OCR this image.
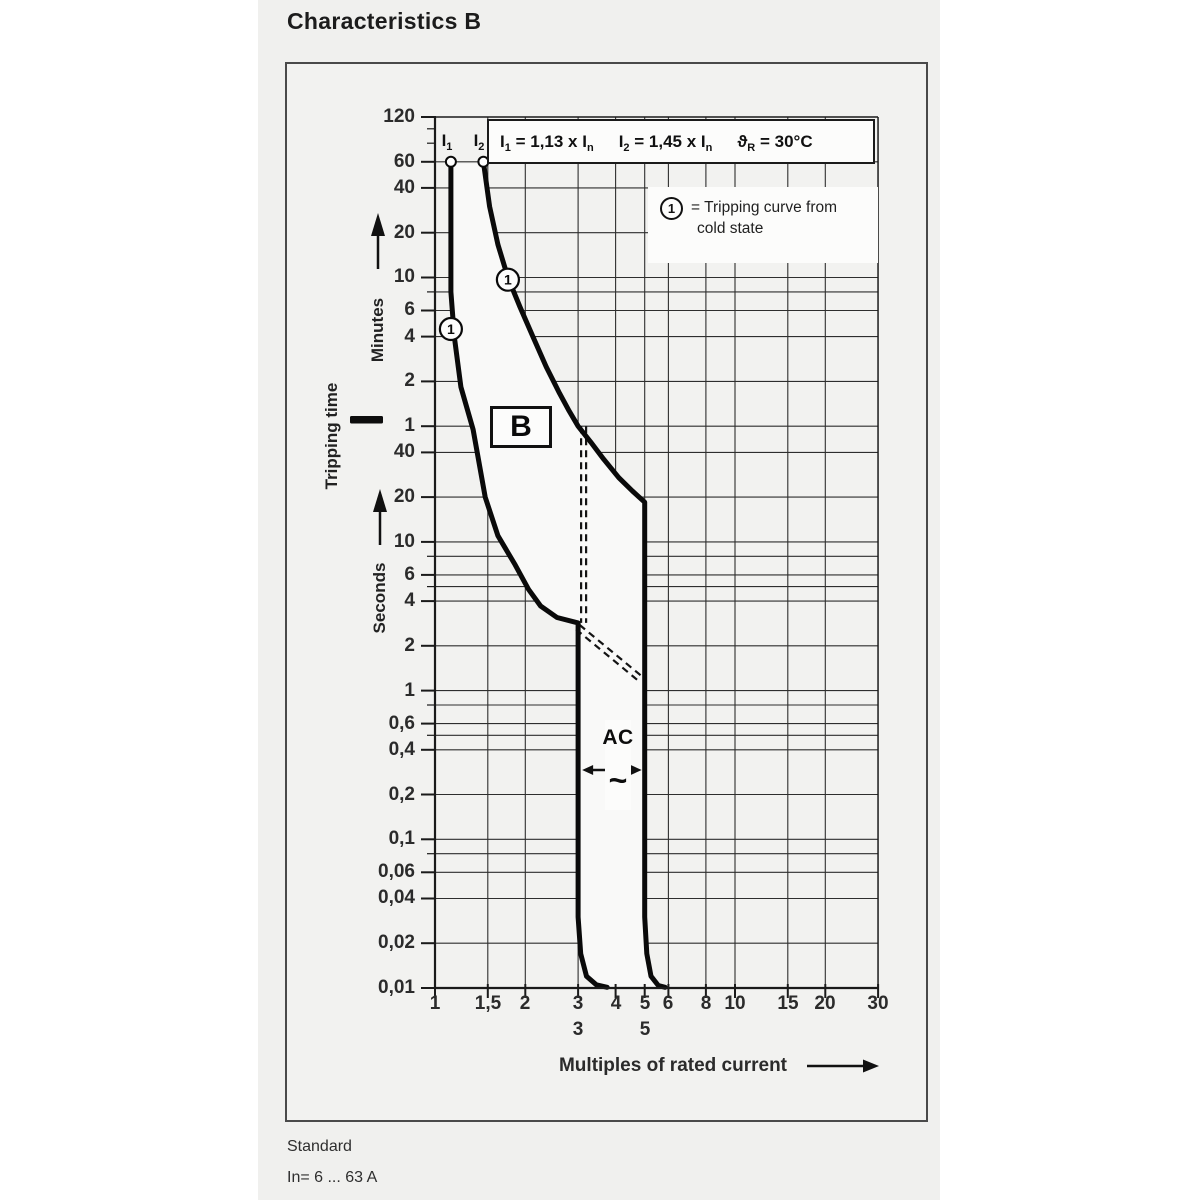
Characteristics B
1
1
120
60
40
20
10
6
4
2
1
40
20
10
6
4
2
1
0,6
0,4
0,2
0,1
0,06
0,04
0,02
0,01
1	1,5 2	3
3
4 5
5
6	8 10	15 20	30
$I_1 = 1,13$ x $I_n$ $I_2 = 1,45$ x $I_n$ $ϑ_R = 30^\circ C$
1	= Tripping curve from
cold state
B
AC
~
$I_1$	$I_2$
Minutes
Seconds
Tripping time
Multiples of rated current
Standard
In= 6 ... 63 A
